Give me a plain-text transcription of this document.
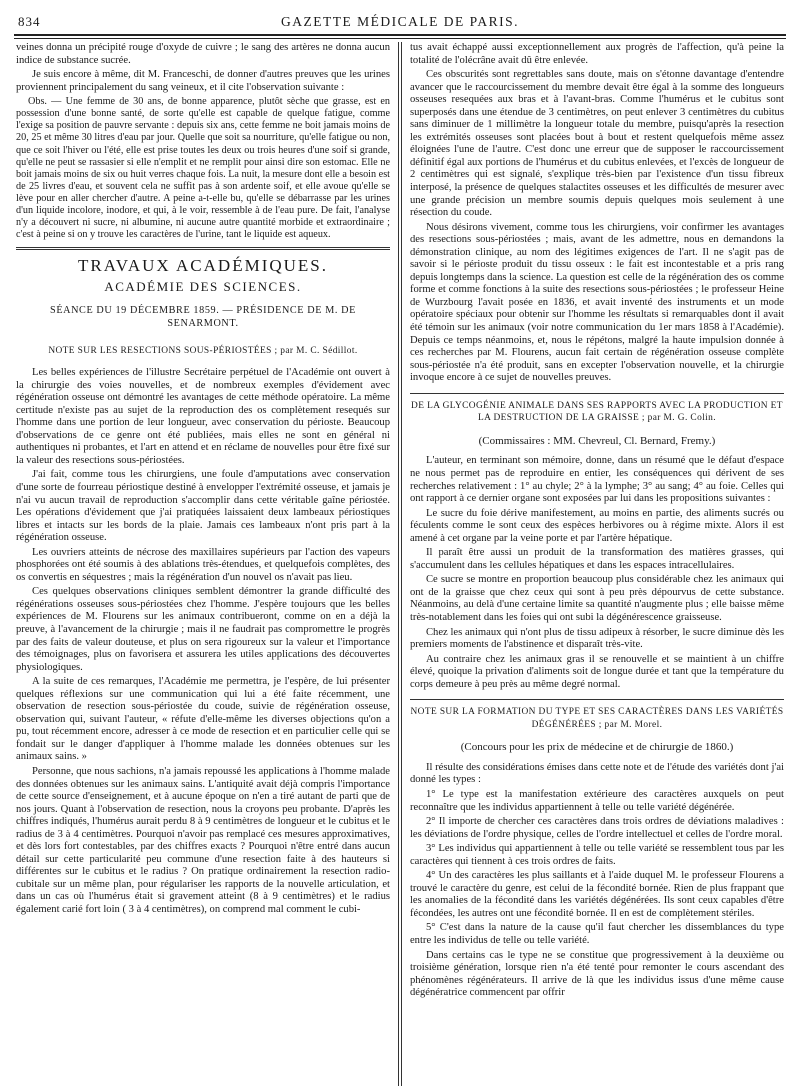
834	GAZETTE MÉDICALE DE PARIS.

veines donna un précipité rouge d'oxyde de cuivre ; le sang des artères ne donna aucun indice de substance sucrée.

Je suis encore à même, dit M. Franceschi, de donner d'autres preuves que les urines proviennent principalement du sang veineux, et il cite l'observation suivante :

Obs. — Une femme de 30 ans, de bonne apparence, plutôt sèche que grasse, est en possession d'une bonne santé, de sorte qu'elle est capable de quelque fatigue, comme l'exige sa position de pauvre servante : depuis six ans, cette femme ne boit jamais moins de 20, 25 et même 30 litres d'eau par jour. Quelle que soit sa nourriture, qu'elle fatigue ou non, que ce soit l'hiver ou l'été, elle est prise toutes les deux ou trois heures d'une soif si grande, qu'elle ne peut se rassasier si elle n'emplit et ne remplit pour ainsi dire son estomac. Elle ne boit jamais moins de six ou huit verres chaque fois. La nuit, la mesure dont elle a besoin est de 25 livres d'eau, et souvent cela ne suffit pas à son ardente soif, et elle avoue qu'elle se lève pour en aller chercher d'autre. A peine a-t-elle bu, qu'elle se débarrasse par les urines d'un liquide incolore, inodore, et qui, à le voir, ressemble à de l'eau pure. De fait, l'analyse n'y a découvert ni sucre, ni albumine, ni aucune autre quantité morbide et extraordinaire ; c'est à peine si on y trouve les caractères de l'urine, tant le liquide est aqueux.

TRAVAUX ACADÉMIQUES.
ACADÉMIE DES SCIENCES.
SÉANCE DU 19 DÉCEMBRE 1859. — PRÉSIDENCE DE M. DE SENARMONT.
NOTE SUR LES RESECTIONS SOUS-PÉRIOSTÉES ; par M. C. Sédillot.

Les belles expériences de l'illustre Secrétaire perpétuel de l'Académie ont ouvert à la chirurgie des voies nouvelles, et de nombreux exemples d'évidement avec régénération osseuse ont démontré les avantages de cette méthode opératoire. La même certitude n'existe pas au sujet de la reproduction des os complètement resequés sur l'homme dans une portion de leur longueur, avec conservation du périoste. Beaucoup d'observations de ce genre ont été publiées, mais elles ne sont en général ni authentiques ni probantes, et l'art en attend et en réclame de nouvelles pour être fixé sur la valeur des resections sous-périostées.

J'ai fait, comme tous les chirurgiens, une foule d'amputations avec conservation d'une sorte de fourreau périostique destiné à envelopper l'extrémité osseuse, et jamais je n'ai vu aucun travail de reproduction s'accomplir dans cette véritable gaîne périostée. Les opérations d'évidement que j'ai pratiquées laissaient deux lambeaux périostiques libres et intacts sur les bords de la plaie. Jamais ces lambeaux n'ont pris part à la régénération osseuse.

Les ouvriers atteints de nécrose des maxillaires supérieurs par l'action des vapeurs phosphorées ont été soumis à des ablations très-étendues, et quelquefois complètes, des os convertis en séquestres ; mais la régénération d'un nouvel os n'avait pas lieu.

Ces quelques observations cliniques semblent démontrer la grande difficulté des régénérations osseuses sous-périostées chez l'homme. J'espère toujours que les belles expériences de M. Flourens sur les animaux contribueront, comme on en a déjà la preuve, à l'avancement de la chirurgie ; mais il ne faudrait pas compromettre le progrès par des faits de valeur douteuse, et plus on sera rigoureux sur la valeur et l'importance des témoignages, plus on favorisera et assurera les utiles applications des découvertes physiologiques.

A la suite de ces remarques, l'Académie me permettra, je l'espère, de lui présenter quelques réflexions sur une communication qui lui a été faite récemment, une observation de resection sous-périostée du coude, suivie de régénération osseuse, observation qui, suivant l'auteur, « réfute d'elle-même les diverses objections qu'on a pu, tout récemment encore, adresser à ce mode de resection et en particulier celle qui se fondait sur le danger d'appliquer à l'homme malade les données obtenues sur les animaux sains. »

Personne, que nous sachions, n'a jamais repoussé les applications à l'homme malade des données obtenues sur les animaux sains. L'antiquité avait déjà compris l'importance de cette source d'enseignement, et à aucune époque on n'en a tiré autant de parti que de nos jours. Quant à l'observation de resection, nous la croyons peu probante. D'après les chiffres indiqués, l'humérus aurait perdu 8 à 9 centimètres de longueur et le cubitus et le radius de 3 à 4 centimètres. Pourquoi n'avoir pas remplacé ces mesures approximatives, et dès lors fort contestables, par des chiffres exacts ? Pourquoi n'être entré dans aucun détail sur cette particularité peu commune d'une resection faite à des hauteurs si différentes sur le cubitus et le radius ? On pratique ordinairement la resection radio-cubitale sur un même plan, pour régulariser les rapports de la nouvelle articulation, et dans un cas où l'humérus était si gravement atteint (8 à 9 centimètres) et le radius également carié fort loin ( 3 à 4 centimètres), on comprend mal comment le cubi-

tus avait échappé aussi exceptionnellement aux progrès de l'affection, qu'à peine la totalité de l'olécrâne avait dû être enlevée.

Ces obscurités sont regrettables sans doute, mais on s'étonne davantage d'entendre avancer que le raccourcissement du membre devait être égal à la somme des longueurs osseuses resequées aux bras et à l'avant-bras. Comme l'humérus et le cubitus sont superposés dans une étendue de 3 centimètres, on peut enlever 3 centimètres du cubitus sans diminuer de 1 millimètre la longueur totale du membre, puisqu'après la resection les extrémités osseuses sont placées bout à bout et restent quelquefois même assez éloignées l'une de l'autre. C'est donc une erreur que de supposer le raccourcissement définitif égal aux portions de l'humérus et du cubitus enlevées, et l'excès de longueur de 2 centimètres qui est signalé, s'explique très-bien par l'existence d'un tissu fibreux interposé, la présence de quelques stalactites osseuses et les difficultés de mesurer avec une grande précision un membre soumis depuis quelques mois seulement à une résection du coude.

Nous désirons vivement, comme tous les chirurgiens, voir confirmer les avantages des resections sous-périostées ; mais, avant de les admettre, nous en demandons la démonstration clinique, au nom des légitimes exigences de l'art. Il ne s'agit pas de savoir si le périoste produit du tissu osseux : le fait est incontestable et a pris rang depuis longtemps dans la science. La question est celle de la régénération des os comme forme et comme fonctions à la suite des resections sous-périostées ; le professeur Heine de Wurzbourg l'avait posée en 1836, et avait inventé des instruments et un mode opératoire spéciaux pour obtenir sur l'homme les résultats si remarquables dont il avait été témoin sur les animaux (voir notre communication du 1er mars 1858 à l'Académie). Depuis ce temps néanmoins, et, nous le répétons, malgré la haute impulsion donnée à ces recherches par M. Flourens, aucun fait certain de régénération osseuse complète sous-périostée n'a été produit, sans en excepter l'observation nouvelle, et la chirurgie invoque encore à ce sujet de nouvelles preuves.

DE LA GLYCOGÉNIE ANIMALE DANS SES RAPPORTS AVEC LA PRODUCTION ET LA DESTRUCTION DE LA GRAISSE ; par M. G. Colin.
(Commissaires : MM. Chevreul, Cl. Bernard, Fremy.)

L'auteur, en terminant son mémoire, donne, dans un résumé que le défaut d'espace ne nous permet pas de reproduire en entier, les conséquences qui dérivent de ses recherches relativement : 1° au chyle; 2° à la lymphe; 3° au sang; 4° au foie. Celles qui ont rapport à ce dernier organe sont exposées par lui dans les propositions suivantes :

Le sucre du foie dérive manifestement, au moins en partie, des aliments sucrés ou féculents comme le sont ceux des espèces herbivores ou à régime mixte. Alors il est amené à cet organe par la veine porte et par l'artère hépatique.

Il paraît être aussi un produit de la transformation des matières grasses, qui s'accumulent dans les cellules hépatiques et dans les espaces intracellulaires.

Ce sucre se montre en proportion beaucoup plus considérable chez les animaux qui ont de la graisse que chez ceux qui sont à peu près dépourvus de cette substance. Néanmoins, au delà d'une certaine limite sa quantité n'augmente plus ; elle baisse même très-notablement dans les foies qui ont subi la dégénérescence graisseuse.

Chez les animaux qui n'ont plus de tissu adipeux à résorber, le sucre diminue dès les premiers moments de l'abstinence et disparaît très-vite.

Au contraire chez les animaux gras il se renouvelle et se maintient à un chiffre élevé, quoique la privation d'aliments soit de longue durée et tant que la température du corps demeure à peu près au même degré normal.

NOTE SUR LA FORMATION DU TYPE ET SES CARACTÈRES DANS LES VARIÉTÉS DÉGÉNÉRÉES ; par M. Morel.
(Concours pour les prix de médecine et de chirurgie de 1860.)

Il résulte des considérations émises dans cette note et de l'étude des variétés dont j'ai donné les types :

1° Le type est la manifestation extérieure des caractères auxquels on peut reconnaître que les individus appartiennent à telle ou telle variété dégénérée.

2° Il importe de chercher ces caractères dans trois ordres de déviations maladives : les déviations de l'ordre physique, celles de l'ordre intellectuel et celles de l'ordre moral.

3° Les individus qui appartiennent à telle ou telle variété se ressemblent tous par les caractères qui tiennent à ces trois ordres de faits.

4° Un des caractères les plus saillants et à l'aide duquel M. le professeur Flourens a trouvé le caractère du genre, est celui de la fécondité bornée. Rien de plus frappant que les anomalies de la fécondité dans les variétés dégénérées. Ils sont ceux capables d'être fécondées, les autres ont une fécondité bornée. Il en est de complètement stériles.

5° C'est dans la nature de la cause qu'il faut chercher les dissemblances du type entre les individus de telle ou telle variété.

Dans certains cas le type ne se constitue que progressivement à la deuxième ou troisième génération, lorsque rien n'a été tenté pour remonter le cours ascendant des phénomènes régénérateurs. Il arrive de là que les individus issus d'une même cause dégénératrice commencent par offrir
